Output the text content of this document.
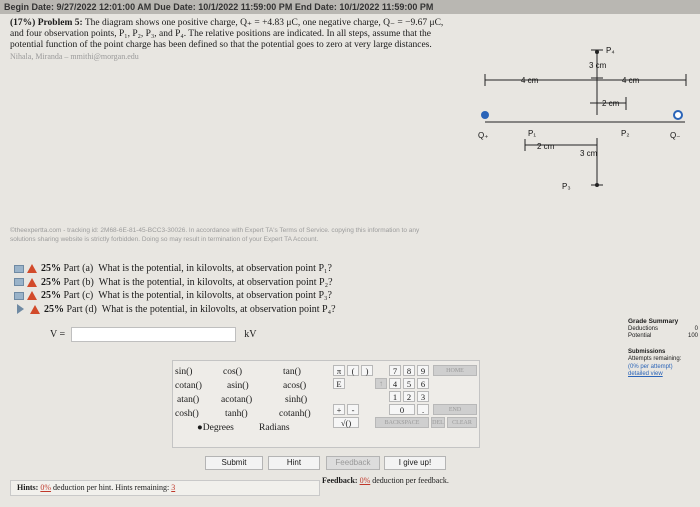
Begin Date: 9/27/2022 12:01:00 AM Due Date: 10/1/2022 11:59:00 PM End Date: 10/1/2022 11:59:00 PM
(17%) Problem 5: The diagram shows one positive charge, Q₊ = +4.83 μC, one negative charge, Q₋ = −9.67 μC, and four observation points, P₁, P₂, P₃, and P₄. The relative positions are indicated. In all steps, assume that the potential function of the point charge has been defined so that the potential goes to zero at very large distances.
Nihala, Miranda – mmithi@morgan.edu
3 cm
4 cm	4 cm
2 cm
2 cm
3 cm
Q₊	Q₋
P₁	P₂
P₃
P₄
©theexpertta.com - tracking id: 2M68-6E-81-45-BCC3-30026. In accordance with Expert TA's Terms of Service. copying this information to any solutions sharing website is strictly forbidden. Doing so may result in termination of your Expert TA Account.
25%
Part (a)
What is the potential, in kilovolts, at observation point P₁?
25%
Part (b)
What is the potential, in kilovolts, at observation point P₂?
25%
Part (c)
What is the potential, in kilovolts, at observation point P₃?
25%
Part (d)
What is the potential, in kilovolts, at observation point P₄?
V =	kV
sin()	cos()	tan()
cotan()	asin()	acos()
atan() acotan()	sinh()
cosh()	tanh()	cotanh()
●Degrees	Radians
π	(	)
E
+	-
√()
↑
7	8	9
4	5	6
1	2	3
0	.
HOME
END
BACKSPACE	DEL	CLEAR
Submit	Hint	Feedback	I give up!
Hints: 0% deduction per hint. Hints remaining: 3
Feedback: 0% deduction per feedback.
Grade Summary
Deductions	0
Potential	100
Submissions
Attempts remaining:
(0% per attempt)
detailed view
